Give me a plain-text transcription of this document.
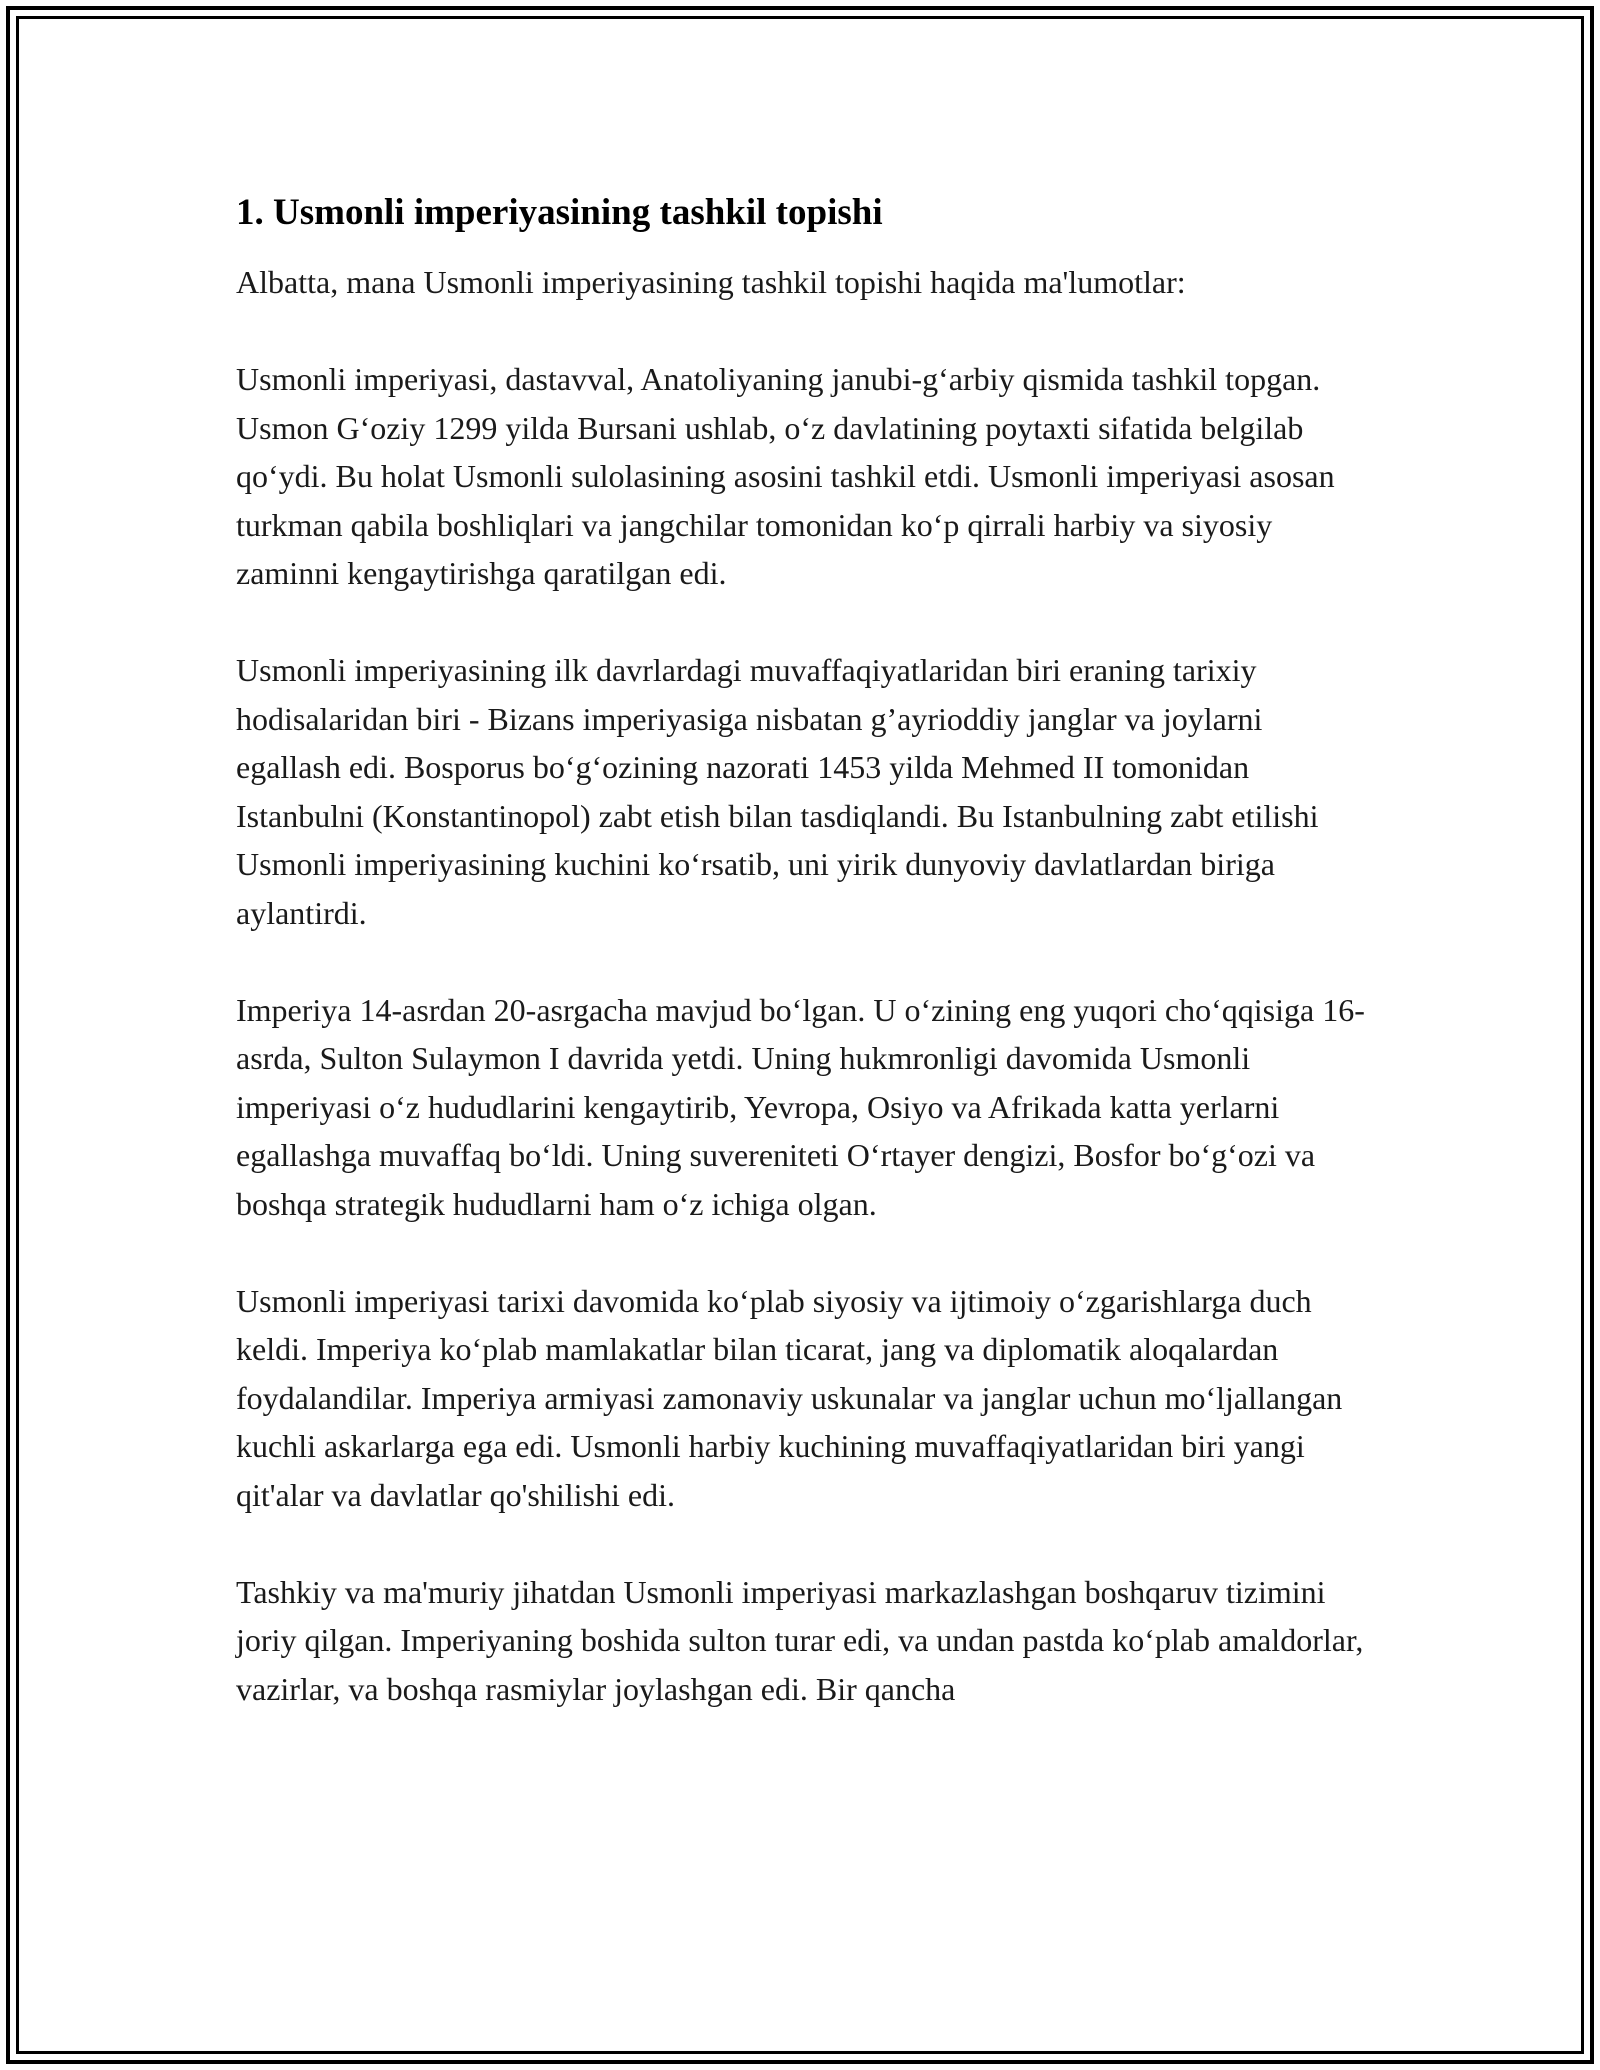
1. Usmonli imperiyasining tashkil topishi

Albatta, mana Usmonli imperiyasining tashkil topishi haqida ma'lumotlar:

Usmonli imperiyasi, dastavval, Anatoliyaning janubi-g‘arbiy qismida tashkil topgan. Usmon G‘oziy 1299 yilda Bursani ushlab, o‘z davlatining poytaxti sifatida belgilab qo‘ydi. Bu holat Usmonli sulolasining asosini tashkil etdi. Usmonli imperiyasi asosan turkman qabila boshliqlari va jangchilar tomonidan ko‘p qirrali harbiy va siyosiy zaminni kengaytirishga qaratilgan edi.

Usmonli imperiyasining ilk davrlardagi muvaffaqiyatlaridan biri eraning tarixiy hodisalaridan biri - Bizans imperiyasiga nisbatan g’ayrioddiy janglar va joylarni egallash edi. Bosporus bo‘g‘ozining nazorati 1453 yilda Mehmed II tomonidan Istanbulni (Konstantinopol) zabt etish bilan tasdiqlandi. Bu Istanbulning zabt etilishi Usmonli imperiyasining kuchini ko‘rsatib, uni yirik dunyoviy davlatlardan biriga aylantirdi.

Imperiya 14-asrdan 20-asrgacha mavjud bo‘lgan. U o‘zining eng yuqori cho‘qqisiga 16-asrda, Sulton Sulaymon I davrida yetdi. Uning hukmronligi davomida Usmonli imperiyasi o‘z hududlarini kengaytirib, Yevropa, Osiyo va Afrikada katta yerlarni egallashga muvaffaq bo‘ldi. Uning suvereniteti O‘rtayer dengizi, Bosfor bo‘g‘ozi va boshqa strategik hududlarni ham o‘z ichiga olgan.

Usmonli imperiyasi tarixi davomida ko‘plab siyosiy va ijtimoiy o‘zgarishlarga duch keldi. Imperiya ko‘plab mamlakatlar bilan ticarat, jang va diplomatik aloqalardan foydalandilar. Imperiya armiyasi zamonaviy uskunalar va janglar uchun mo‘ljallangan kuchli askarlarga ega edi. Usmonli harbiy kuchining muvaffaqiyatlaridan biri yangi qit'alar va davlatlar qo'shilishi edi.

Tashkiy va ma'muriy jihatdan Usmonli imperiyasi markazlashgan boshqaruv tizimini joriy qilgan. Imperiyaning boshida sulton turar edi, va undan pastda ko‘plab amaldorlar, vazirlar, va boshqa rasmiylar joylashgan edi. Bir qancha
